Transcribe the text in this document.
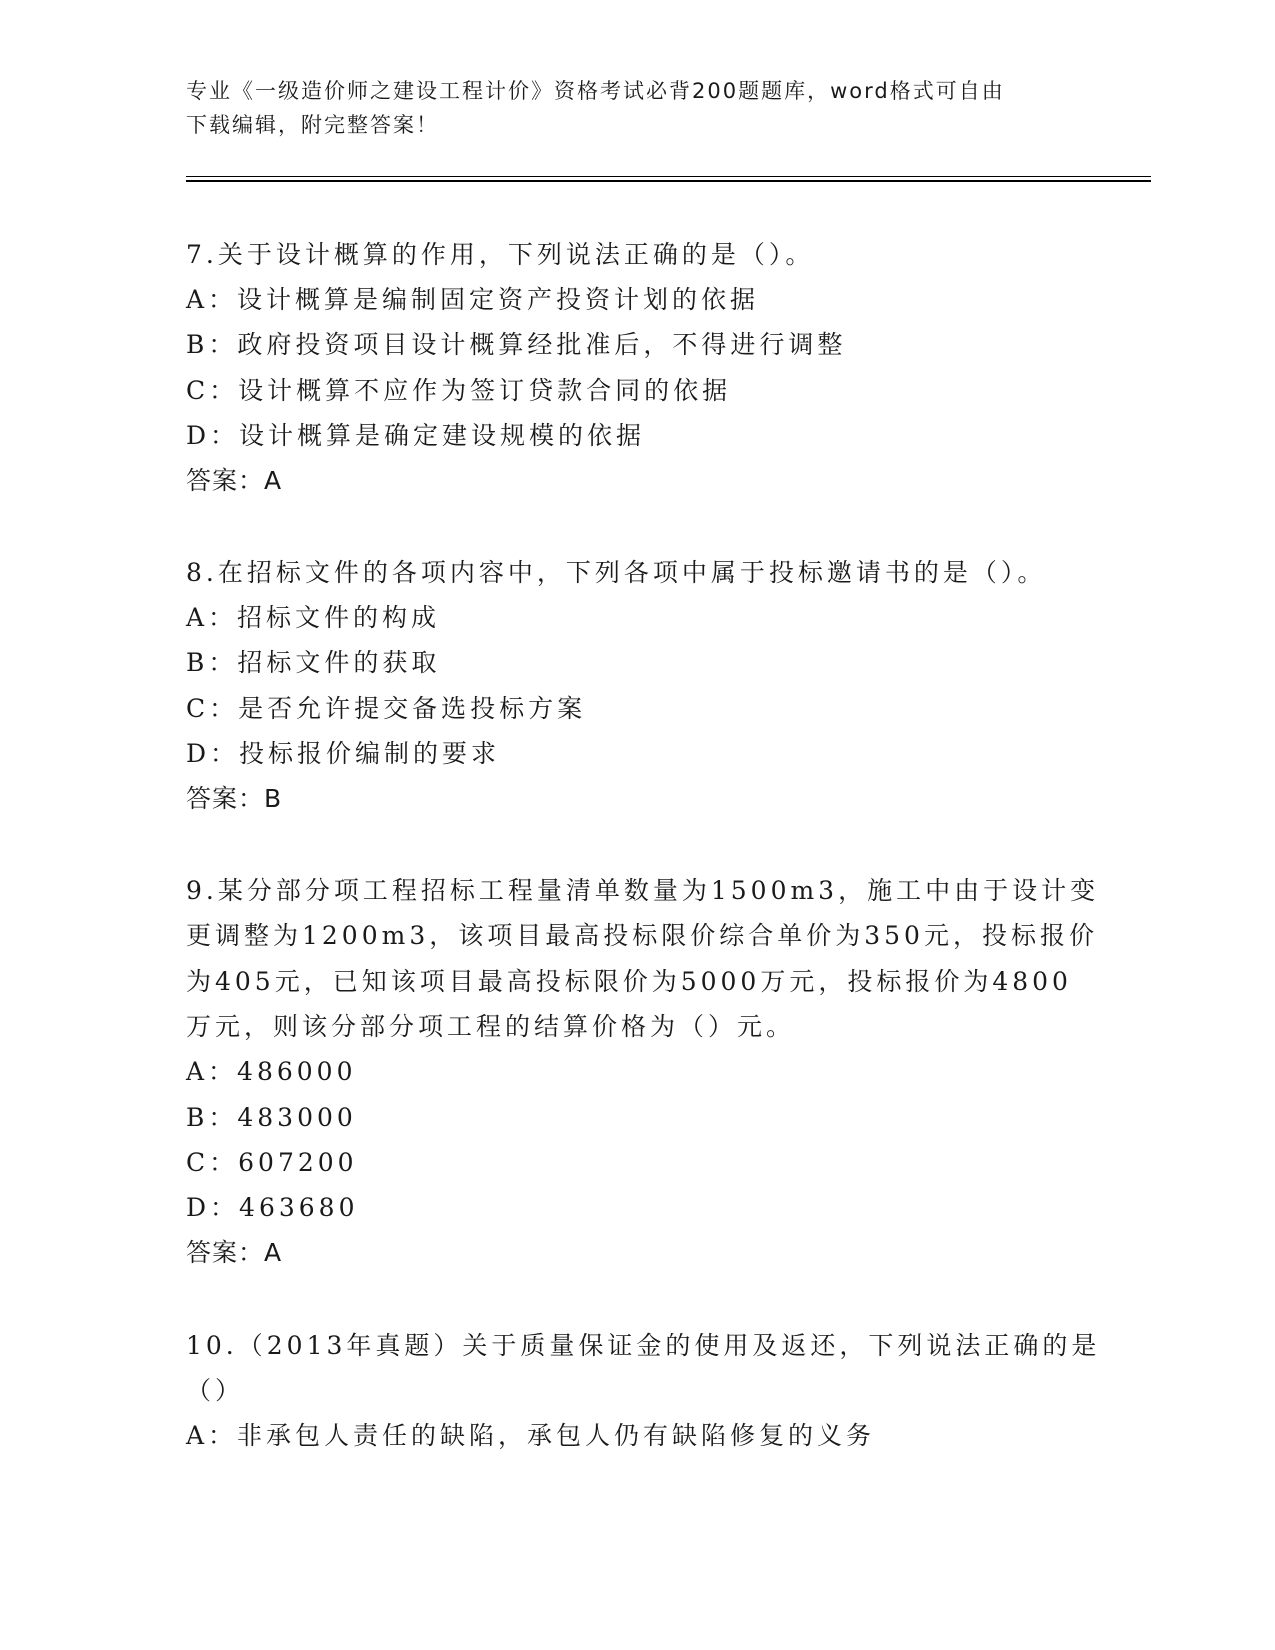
专业《一级造价师之建设工程计价》资格考试必背200题题库，word格式可自由
下载编辑，附完整答案！
7.关于设计概算的作用，下列说法正确的是（）。
A：设计概算是编制固定资产投资计划的依据
B：政府投资项目设计概算经批准后，不得进行调整
C：设计概算不应作为签订贷款合同的依据
D：设计概算是确定建设规模的依据
答案：A
8.在招标文件的各项内容中，下列各项中属于投标邀请书的是（）。
A：招标文件的构成
B：招标文件的获取
C：是否允许提交备选投标方案
D：投标报价编制的要求
答案：B
9.某分部分项工程招标工程量清单数量为1500m3，施工中由于设计变
更调整为1200m3，该项目最高投标限价综合单价为350元，投标报价
为405元，已知该项目最高投标限价为5000万元，投标报价为4800
万元，则该分部分项工程的结算价格为（）元。
A：486000
B：483000
C：607200
D：463680
答案：A
10.（2013年真题）关于质量保证金的使用及返还，下列说法正确的是
（）
A：非承包人责任的缺陷，承包人仍有缺陷修复的义务
